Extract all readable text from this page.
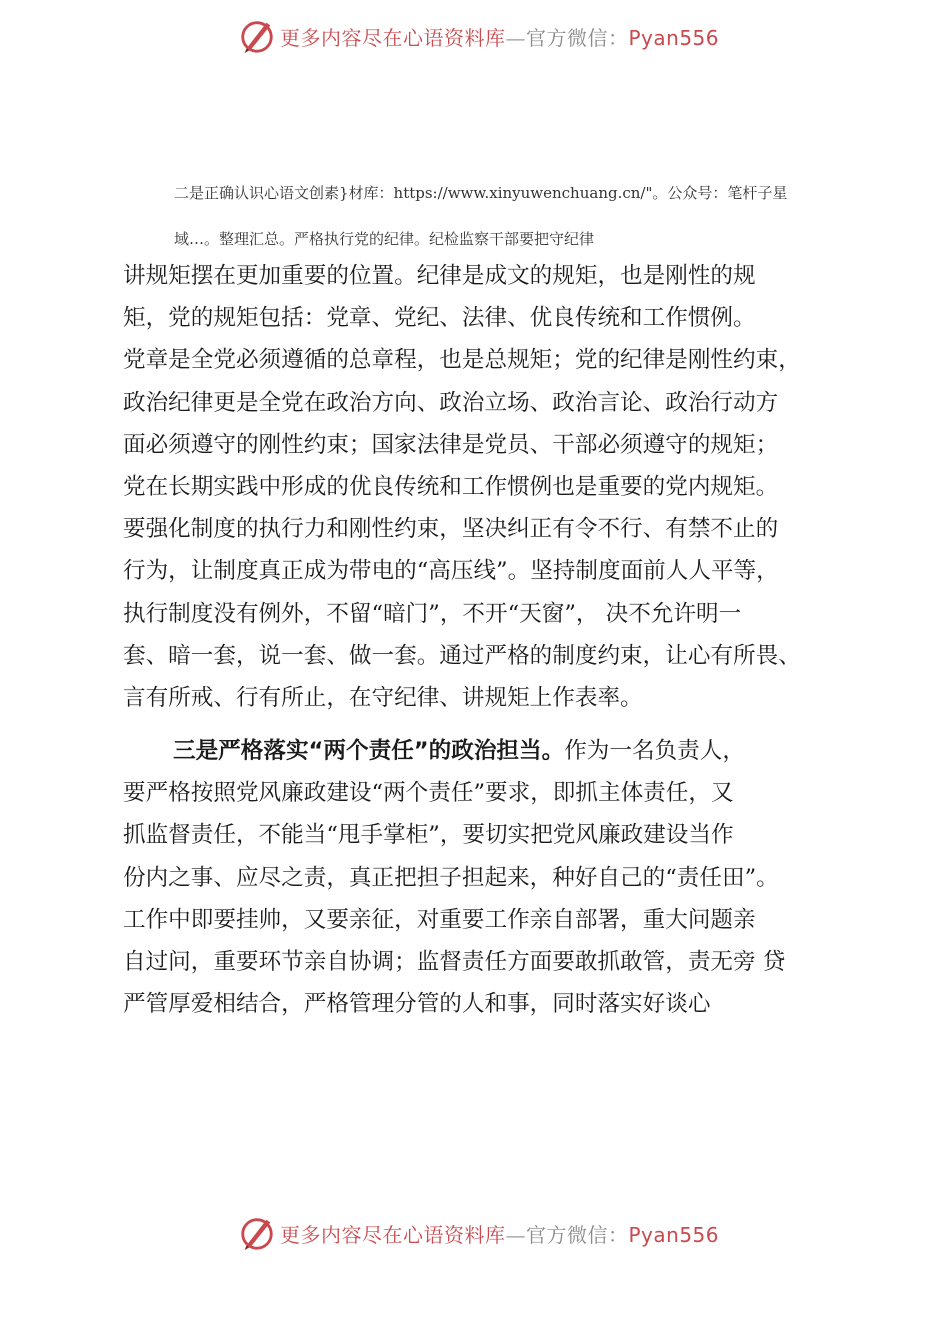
更多内容尽在心语资料库—官方微信：Pyan556
二是正确认识心语文创素}材库：https://www.xinyuwenchuang.cn/"。公众号：笔杆子星
域…。整理汇总。严格执行党的纪律。纪检监察干部要把守纪律
讲规矩摆在更加重要的位置。纪律是成文的规矩，也是刚性的规
矩，党的规矩包括：党章、党纪、法律、优良传统和工作惯例。
党章是全党必须遵循的总章程，也是总规矩；党的纪律是刚性约束，
政治纪律更是全党在政治方向、政治立场、政治言论、政治行动方
面必须遵守的刚性约束；国家法律是党员、干部必须遵守的规矩；
党在长期实践中形成的优良传统和工作惯例也是重要的党内规矩。
要强化制度的执行力和刚性约束，坚决纠正有令不行、有禁不止的
行为，让制度真正成为带电的“高压线”。坚持制度面前人人平等，
执行制度没有例外，不留“暗门”，不开“天窗”， 决不允许明一
套、暗一套，说一套、做一套。通过严格的制度约束，让心有所畏、
言有所戒、行有所止，在守纪律、讲规矩上作表率。
三是严格落实“两个责任”的政治担当。作为一名负责人，
要严格按照党风廉政建设“两个责任”要求，即抓主体责任，又
抓监督责任，不能当“甩手掌柜”，要切实把党风廉政建设当作
份内之事、应尽之责，真正把担子担起来，种好自己的“责任田”。
工作中即要挂帅，又要亲征，对重要工作亲自部署，重大问题亲
自过问，重要环节亲自协调；监督责任方面要敢抓敢管，责无旁 贷
严管厚爱相结合，严格管理分管的人和事，同时落实好谈心
更多内容尽在心语资料库—官方微信：Pyan556
